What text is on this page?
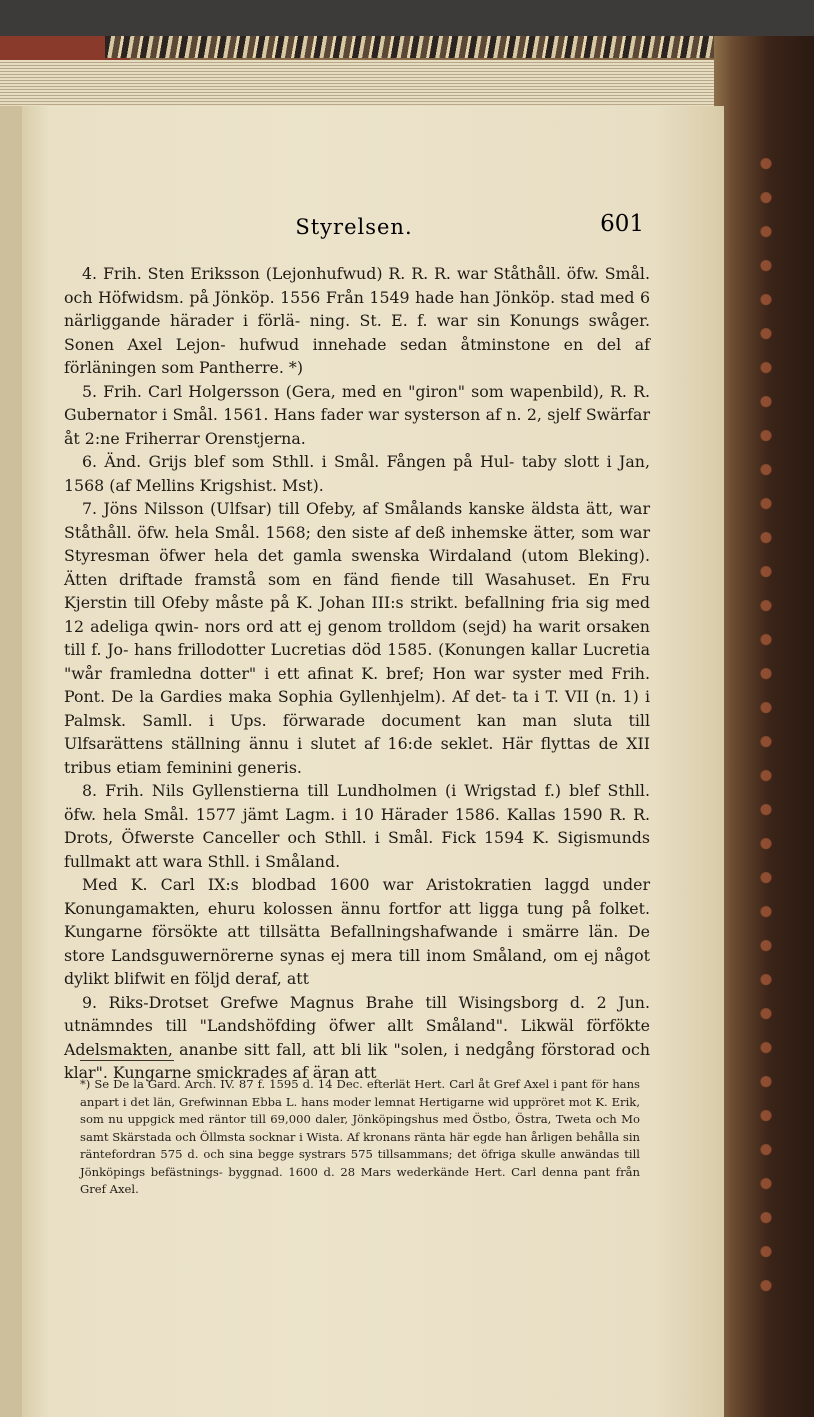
Styrelsen.	601

4. Frih. Sten Eriksson (Lejonhufwud) R. R. R. war Ståthåll. öfw. Smål. och Höfwidsm. på Jönköp. 1556 Från 1549 hade han Jönköp. stad med 6 närliggande härader i förlä- ning. St. E. f. war sin Konungs swåger. Sonen Axel Lejon- hufwud innehade sedan åtminstone en del af förläningen som Pantherre. *)

5. Frih. Carl Holgersson (Gera, med en "giron" som wapenbild), R. R. Gubernator i Smål. 1561. Hans fader war systerson af n. 2, sjelf Swärfar åt 2:ne Friherrar Orenstjerna.

6. Änd. Grijs blef som Sthll. i Smål. Fången på Hul- taby slott i Jan, 1568 (af Mellins Krigshist. Mst).

7. Jöns Nilsson (Ulfsar) till Ofeby, af Smålands kanske äldsta ätt, war Ståthåll. öfw. hela Smål. 1568; den siste af deß inhemske ätter, som war Styresman öfwer hela det gamla swenska Wirdaland (utom Bleking). Ätten driftade framstå som en fänd fiende till Wasahuset. En Fru Kjerstin till Ofeby måste på K. Johan III:s strikt. befallning fria sig med 12 adeliga qwin- nors ord att ej genom trolldom (sejd) ha warit orsaken till f. Jo- hans frillodotter Lucretias död 1585. (Konungen kallar Lucretia "wår framledna dotter" i ett afinat K. bref; Hon war syster med Frih. Pont. De la Gardies maka Sophia Gyllenhjelm). Af det- ta i T. VII (n. 1) i Palmsk. Samll. i Ups. förwarade document kan man sluta till Ulfsarättens ställning ännu i slutet af 16:de seklet. Här flyttas de XII tribus etiam feminini generis.

8. Frih. Nils Gyllenstierna till Lundholmen (i Wrigstad f.) blef Sthll. öfw. hela Smål. 1577 jämt Lagm. i 10 Härader 1586. Kallas 1590 R. R. Drots, Öfwerste Canceller och Sthll. i Smål. Fick 1594 K. Sigismunds fullmakt att wara Sthll. i Småland.

Med K. Carl IX:s blodbad 1600 war Aristokratien laggd under Konungamakten, ehuru kolossen ännu fortfor att ligga tung på folket. Kungarne försökte att tillsätta Befallningshafwande i smärre län. De store Landsguwernörerne synas ej mera till inom Småland, om ej något dylikt blifwit en följd deraf, att

9. Riks-Drotset Grefwe Magnus Brahe till Wisingsborg d. 2 Jun. utnämndes till "Landshöfding öfwer allt Småland". Likwäl förfökte Adelsmakten, ananbe sitt fall, att bli lik "solen, i nedgång förstorad och klar". Kungarne smickrades af äran att

*) Se De la Gard. Arch. IV. 87 f. 1595 d. 14 Dec. efterlät Hert. Carl åt Gref Axel i pant för hans anpart i det län, Grefwinnan Ebba L. hans moder lemnat Hertigarne wid uppröret mot K. Erik, som nu uppgick med räntor till 69,000 daler, Jönköpingshus med Östbo, Östra, Tweta och Mo samt Skärstada och Öllmsta socknar i Wista. Af kronans ränta här egde han årligen behålla sin räntefordran 575 d. och sina begge systrars 575 tillsammans; det öfriga skulle anwändas till Jönköpings befästnings- byggnad. 1600 d. 28 Mars wederkände Hert. Carl denna pant från Gref Axel.
